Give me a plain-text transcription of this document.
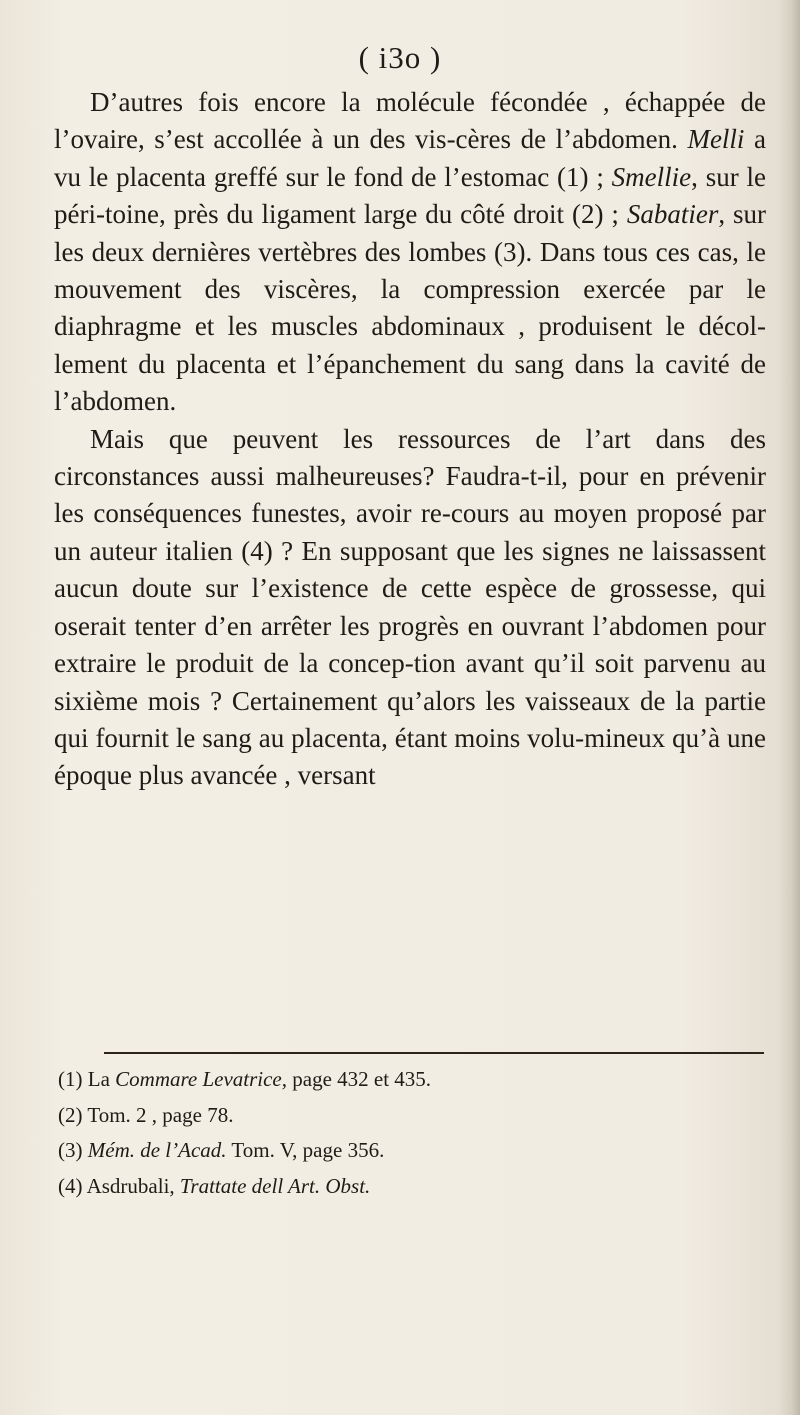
( i3o )

D’autres fois encore la molécule fécondée , échappée de l’ovaire, s’est accollée à un des vis-cères de l’abdomen. Melli a vu le placenta greffé sur le fond de l’estomac (1) ; Smellie, sur le péri-toine, près du ligament large du côté droit (2) ; Sabatier, sur les deux dernières vertèbres des lombes (3). Dans tous ces cas, le mouvement des viscères, la compression exercée par le diaphragme et les muscles abdominaux , produisent le décol-lement du placenta et l’épanchement du sang dans la cavité de l’abdomen.

Mais que peuvent les ressources de l’art dans des circonstances aussi malheureuses? Faudra-t-il, pour en prévenir les conséquences funestes, avoir re-cours au moyen proposé par un auteur italien (4) ? En supposant que les signes ne laissassent aucun doute sur l’existence de cette espèce de grossesse, qui oserait tenter d’en arrêter les progrès en ouvrant l’abdomen pour extraire le produit de la concep-tion avant qu’il soit parvenu au sixième mois ? Certainement qu’alors les vaisseaux de la partie qui fournit le sang au placenta, étant moins volu-mineux qu’à une époque plus avancée , versant

(1) La Commare Levatrice, page 432 et 435.

(2) Tom. 2 , page 78.

(3) Mém. de l’Acad. Tom. V, page 356.

(4) Asdrubali, Trattate dell Art. Obst.
